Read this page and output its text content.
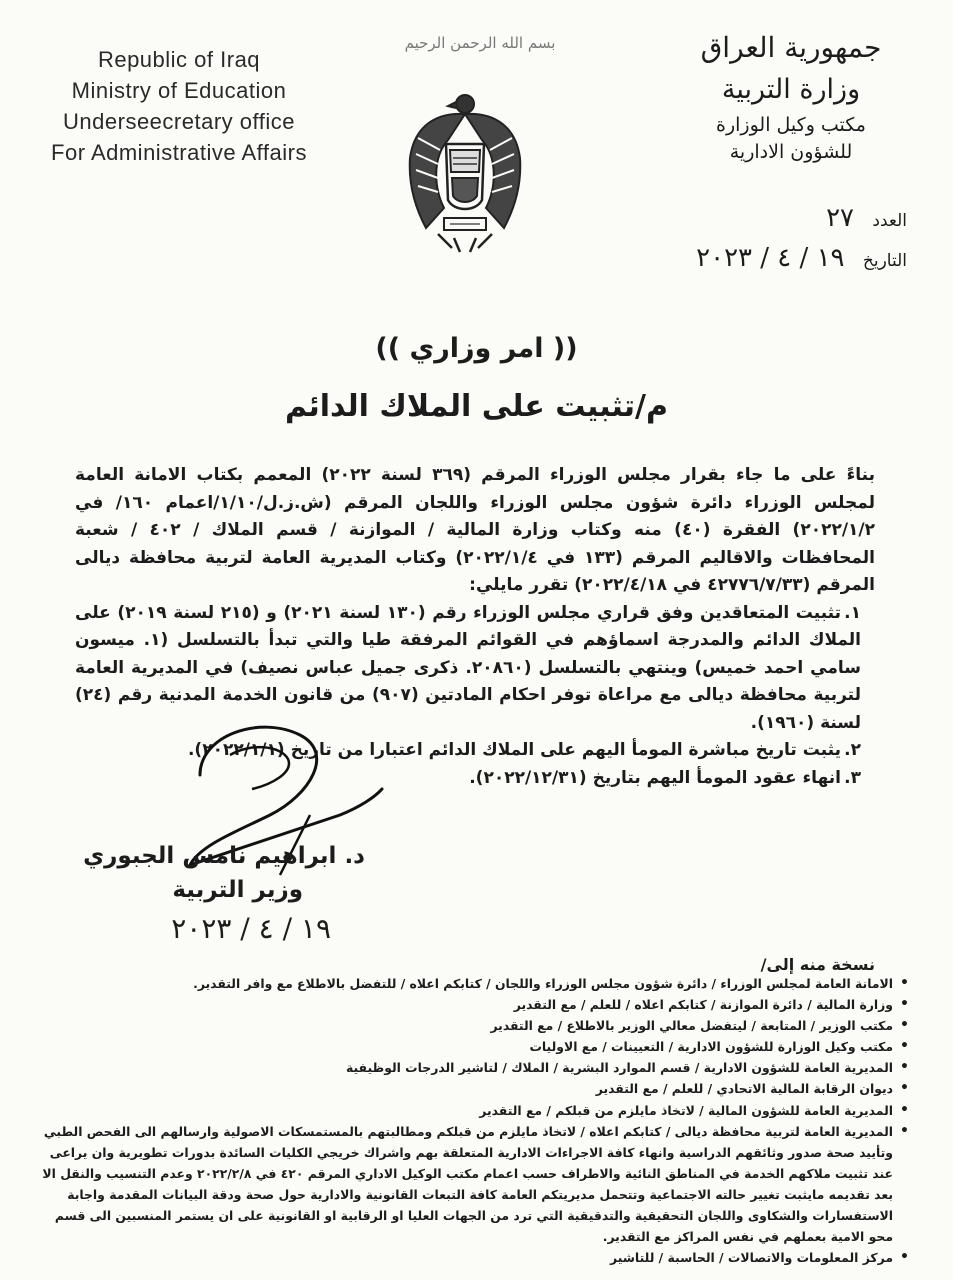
Republic of Iraq
Ministry of Education
Underseecretary office
For Administrative Affairs
بسم الله الرحمن الرحيم	جمهورية العراق
وزارة التربية
مكتب وكيل الوزارة
للشؤون الادارية
العدد ٢٧
التاريخ ١٩ / ٤ / ٢٠٢٣
(( امر وزاري ))
م/تثبيت على الملاك الدائم

بناءً على ما جاء بقرار مجلس الوزراء المرقم (٣٦٩ لسنة ٢٠٢٢) المعمم بكتاب الامانة العامة لمجلس الوزراء دائرة شؤون مجلس الوزراء واللجان المرقم (ش.ز.ل/١/١٠/اعمام ١٦٠/ في ٢٠٢٢/١/٢) الفقرة (٤٠) منه وكتاب وزارة المالية / الموازنة / قسم الملاك / ٤٠٢ / شعبة المحافظات والاقاليم المرقم (١٣٣ في ٢٠٢٢/١/٤) وكتاب المديرية العامة لتربية محافظة ديالى المرقم (٤٢٧٧٦/٧/٣٣ في ٢٠٢٢/٤/١٨) تقرر مايلي:

١.تثبيت المتعاقدين وفق قراري مجلس الوزراء رقم (١٣٠ لسنة ٢٠٢١) و (٢١٥ لسنة ٢٠١٩) على الملاك الدائم والمدرجة اسماؤهم في القوائم المرفقة طيا والتي تبدأ بالتسلسل (١. ميسون سامي احمد خميس) وينتهي بالتسلسل (٢٠٨٦٠. ذكرى جميل عباس نصيف) في المديرية العامة لتربية محافظة ديالى مع مراعاة توفر احكام المادتين (٩٠٧) من قانون الخدمة المدنية رقم (٢٤) لسنة (١٩٦٠).
٢.يثبت تاريخ مباشرة المومأ اليهم على الملاك الدائم اعتبارا من تاريخ (٢٠٢٢/١/١).
٣.انهاء عقود المومأ اليهم بتاريخ (٢٠٢٢/١٢/٣١).
د. ابراهيم نامس الجبوري
وزير التربية
١٩ / ٤ / ٢٠٢٣
نسخة منه إلى/
• الامانة العامة لمجلس الوزراء / دائرة شؤون مجلس الوزراء واللجان / كتابكم اعلاه / للتفضل بالاطلاع مع وافر التقدير.
• وزارة المالية / دائرة الموازنة / كتابكم اعلاه / للعلم / مع التقدير
• مكتب الوزير / المتابعة / ليتفضل معالي الوزير بالاطلاع / مع التقدير
• مكتب وكيل الوزارة للشؤون الادارية / التعيينات / مع الاوليات
• المديرية العامة للشؤون الادارية / قسم الموارد البشرية / الملاك / لتاشير الدرجات الوظيفية
• ديوان الرقابة المالية الاتحادي / للعلم / مع التقدير
• المديرية العامة للشؤون المالية / لاتخاذ مايلزم من قبلكم / مع التقدير
• المديرية العامة لتربية محافظة ديالى / كتابكم اعلاه / لاتخاذ مايلزم من قبلكم ومطالبتهم بالمستمسكات الاصولية وارسالهم الى الفحص الطبي وتأييد صحة صدور وثائقهم الدراسية وانهاء كافة الاجراءات الادارية المتعلقة بهم واشراك خريجي الكليات السائدة بدورات تطويرية وان يراعى عند تثبيت ملاكهم الخدمة في المناطق النائية والاطراف حسب اعمام مكتب الوكيل الاداري المرقم ٤٢٠ في ٢٠٢٢/٢/٨ وعدم التنسيب والنقل الا بعد تقديمه مايثبت تغيير حالته الاجتماعية وتتحمل مديريتكم العامة كافة التبعات القانونية والادارية حول صحة ودقة البيانات المقدمة واجابة الاستفسارات والشكاوى واللجان التحقيقية والتدقيقية التي ترد من الجهات العليا او الرقابية او القانونية على ان يستمر المنسبين الى قسم محو الامية بعملهم في نفس المراكز مع التقدير.
• مركز المعلومات والاتصالات / الحاسبة / للتاشير
